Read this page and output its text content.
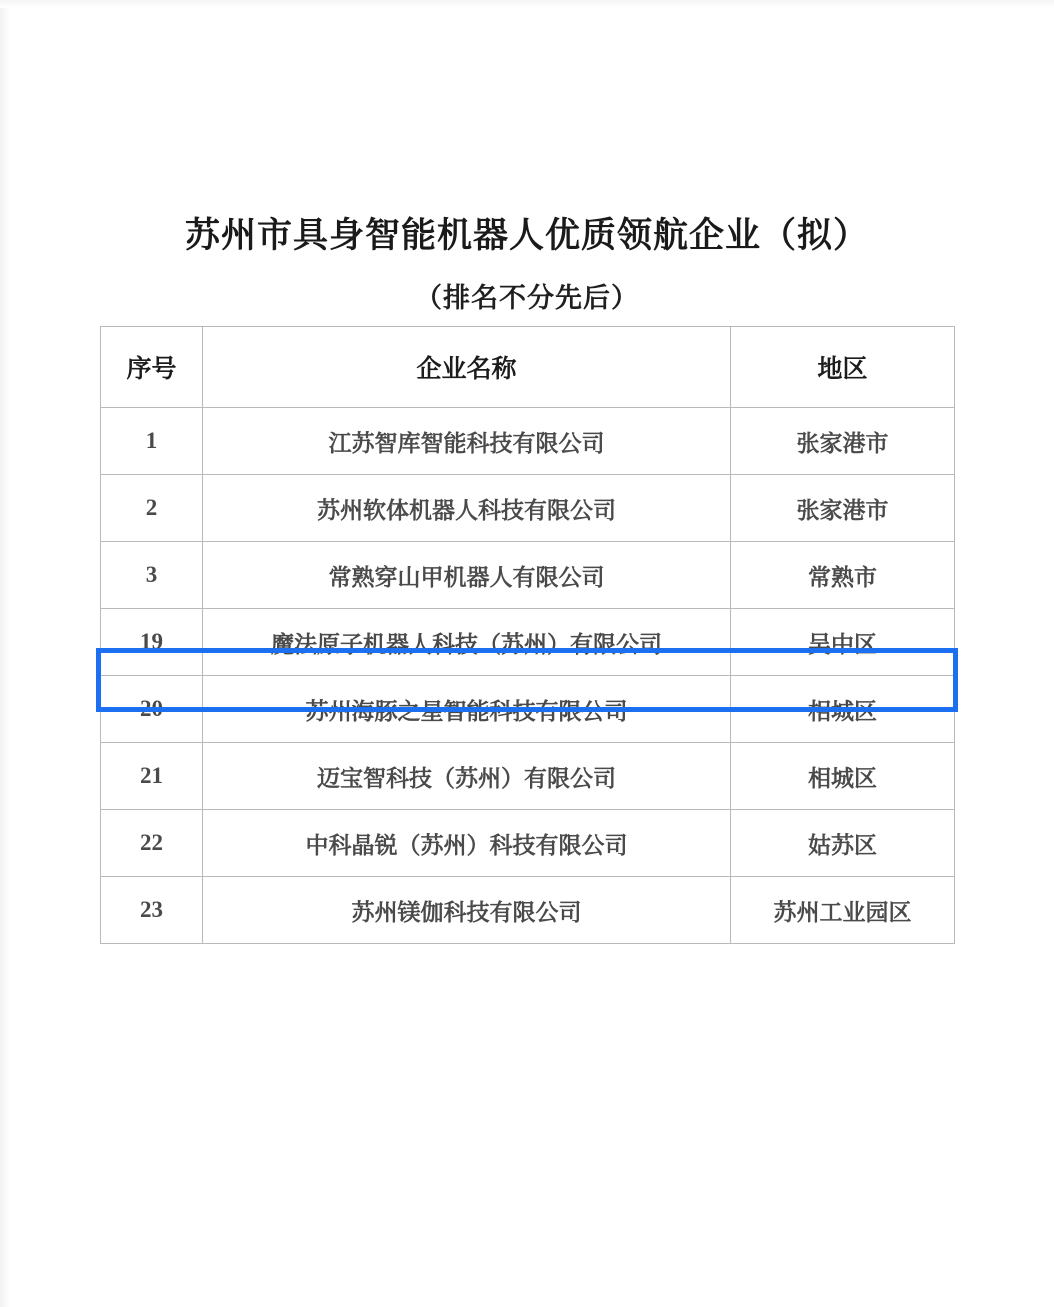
苏州市具身智能机器人优质领航企业（拟）
（排名不分先后）
序号	企业名称	地区
1	江苏智库智能科技有限公司	张家港市
2	苏州软体机器人科技有限公司	张家港市
3	常熟穿山甲机器人有限公司	常熟市
19	魔法原子机器人科技（苏州）有限公司	吴中区
20	苏州海豚之星智能科技有限公司	相城区
21	迈宝智科技（苏州）有限公司	相城区
22	中科晶锐（苏州）科技有限公司	姑苏区
23	苏州镁伽科技有限公司	苏州工业园区
